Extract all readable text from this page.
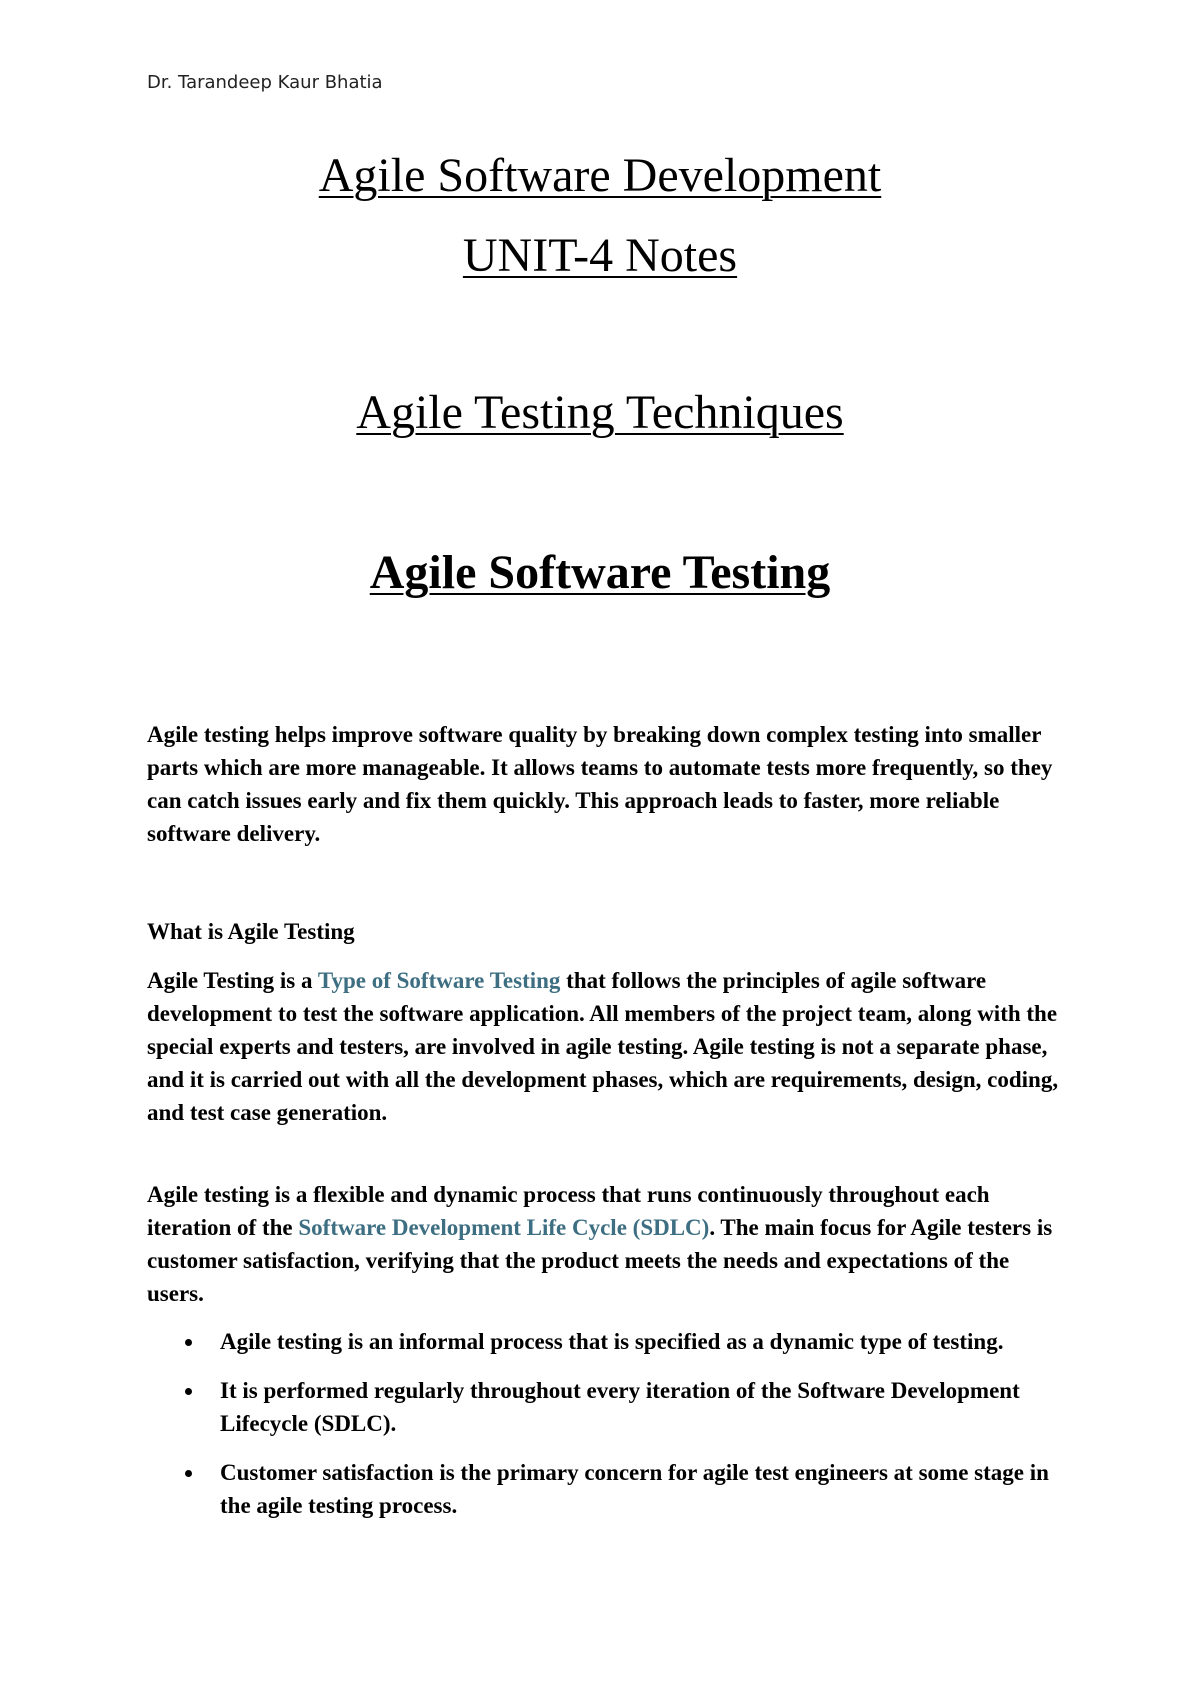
Dr. Tarandeep Kaur Bhatia
Agile Software Development
UNIT-4 Notes
Agile Testing Techniques
Agile Software Testing

Agile testing helps improve software quality by breaking down complex testing into smaller parts which are more manageable. It allows teams to automate tests more frequently, so they can catch issues early and fix them quickly. This approach leads to faster, more reliable software delivery.

What is Agile Testing

Agile Testing is a Type of Software Testing that follows the principles of agile software development to test the software application. All members of the project team, along with the special experts and testers, are involved in agile testing. Agile testing is not a separate phase, and it is carried out with all the development phases, which are requirements, design, coding, and test case generation.

Agile testing is a flexible and dynamic process that runs continuously throughout each iteration of the Software Development Life Cycle (SDLC). The main focus for Agile testers is customer satisfaction, verifying that the product meets the needs and expectations of the users.

Agile testing is an informal process that is specified as a dynamic type of testing.
It is performed regularly throughout every iteration of the Software Development Lifecycle (SDLC).
Customer satisfaction is the primary concern for agile test engineers at some stage in the agile testing process.
